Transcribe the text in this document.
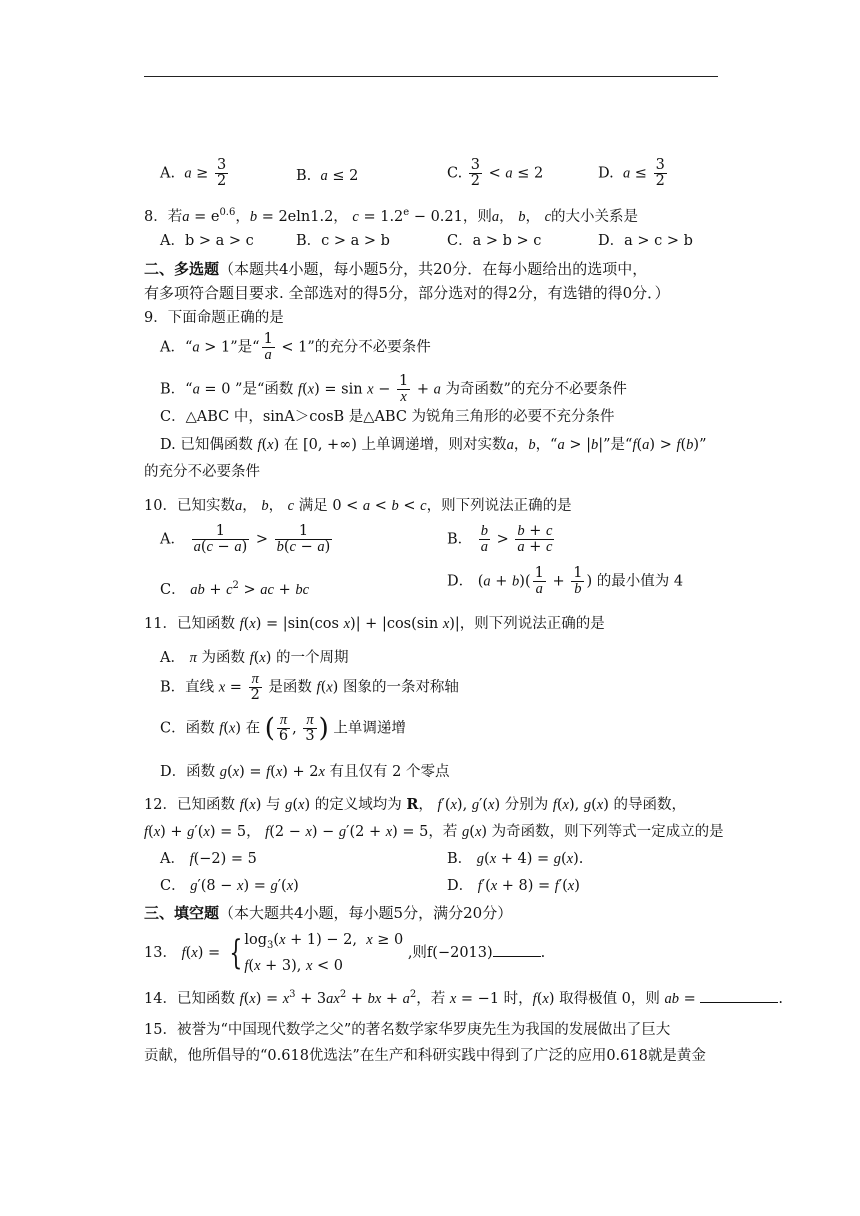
A. $a \ge \frac{3}{2}$	B. a ≤ 2	C. $\frac{3}{2} < a \le 2$	D. $a \le \frac{3}{2}$
8．若$a = e^{0.6}$，b = 2eln1.2， c = 1.2$^e$ − 0.21，则a， b， c的大小关系是
A．b > a > c	B．c > a > b	C．a > b > c	D．a > c > b
二、多选题（本题共4小题，每小题5分，共20分．在每小题给出的选项中，
有多项符合题目要求. 全部选对的得5分，部分选对的得2分，有选错的得0分．）
9．下面命题正确的是
A．“a > 1”是“ $\frac{1}{a} < 1$”的充分不必要条件
B．“a = 0 ”是“函数 $f(x) = \sin x - \frac{1}{x} + a$ 为奇函数”的充分不必要条件
C．△ABC 中，sinA＞cosB 是△ABC 为锐角三角形的必要不充分条件
D. 已知偶函数 f(x) 在 [0, +∞) 上单调递增，则对实数a，b，“a > |b|”是“f(a) > f(b)”
的充分不必要条件
10．已知实数a， b， c 满足 0 < a < b < c，则下列说法正确的是
A． $\frac{1}{a(c - a)} > \frac{1}{b(c - a)}$	B． $\frac{b}{a} > \frac{b + c}{a + c}$
C． ab + $c^2$ > ac + bc
D． $(a + b)( \frac{1}{a} + \frac{1}{b}$ ) 的最小值为 4
11．已知函数 f(x) = |sin(cos x)| + |cos(sin x)|，则下列说法正确的是
A． π 为函数 f(x) 的一个周期
B．直线 $x = \frac{\pi}{2}$ 是函数 f(x) 图象的一条对称轴
C．函数 f(x) 在 ( $\frac{\pi}{6}$ , $\frac{\pi}{3}$ ) 上单调递增
D．函数 g(x) = f(x) + 2x 有且仅有 2 个零点
12．已知函数 f(x) 与 g(x) 的定义域均为 R， f′(x), g′(x) 分别为 f(x), g(x) 的导函数，
f(x) + g′(x) = 5， f(2 − x) − g′(2 + x) = 5，若 g(x) 为奇函数，则下列等式一定成立的是
A． f(−2) = 5	B． g(x + 4) = g(x).
C． g′(8 − x) = g′(x)	D． f′(x + 8) = f′(x)
三、填空题（本大题共4小题，每小题5分，满分20分）
13． f(x) = { $\log_3(x + 1) - 2$,  x ≥ 0
f(x + 3), x < 0
,则f(−2013)	.
14．已知函数 $f(x) = x^3 + 3ax^2$ + bx + $a^2$，若 x = −1 时，f(x) 取得极值 0，则 ab =	.
15．被誉为“中国现代数学之父”的著名数学家华罗庚先生为我国的发展做出了巨大
贡献，他所倡导的“0.618优选法”在生产和科研实践中得到了广泛的应用0.618就是黄金
